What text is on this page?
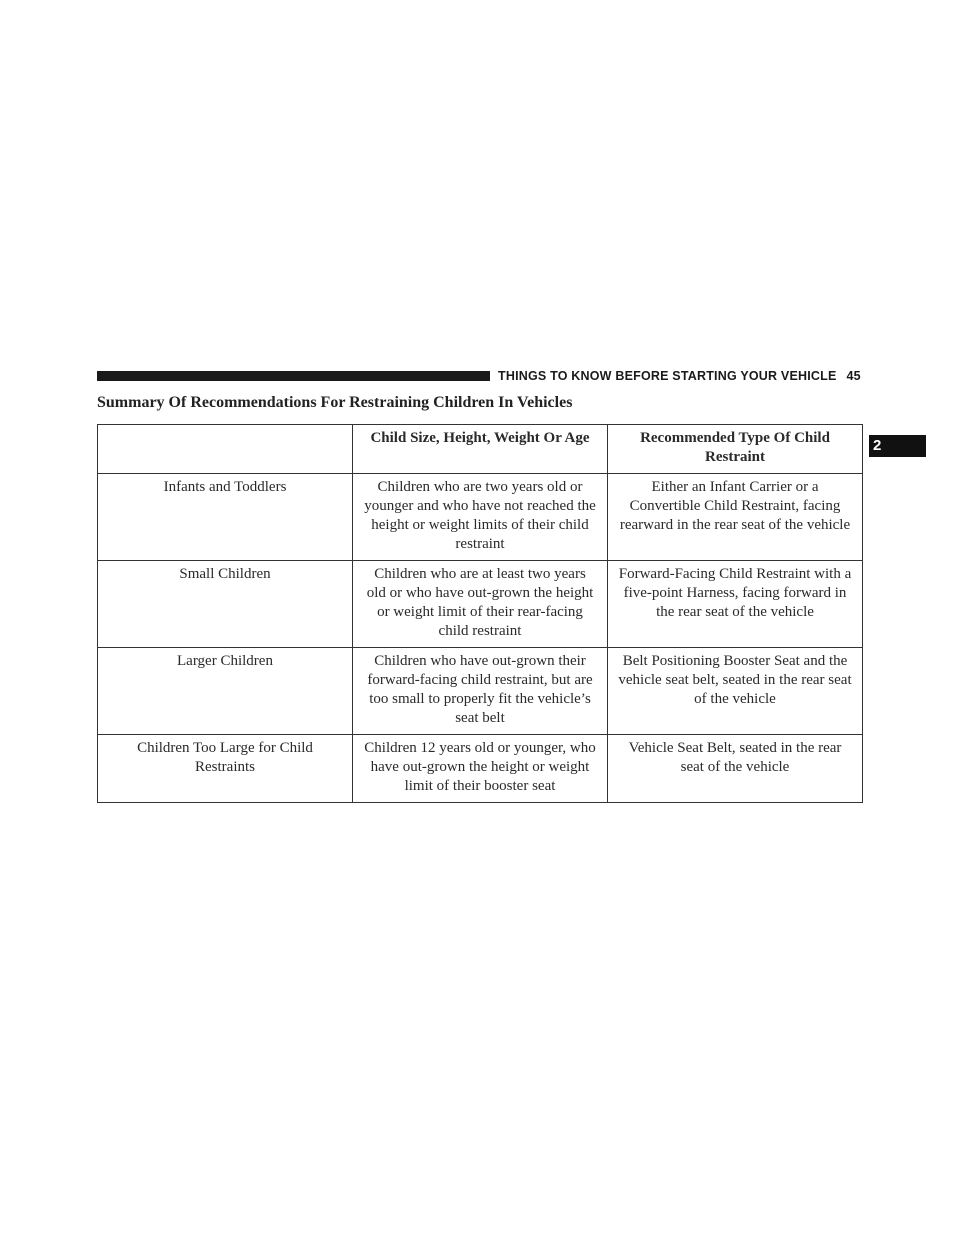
THINGS TO KNOW BEFORE STARTING YOUR VEHICLE 45
2
Summary Of Recommendations For Restraining Children In Vehicles
	Child Size, Height, Weight Or Age	Recommended Type Of Child Restraint
Infants and Toddlers	Children who are two years old or younger and who have not reached the height or weight limits of their child restraint	Either an Infant Carrier or a Convertible Child Restraint, facing rearward in the rear seat of the vehicle
Small Children	Children who are at least two years old or who have out-grown the height or weight limit of their rear-facing child restraint	Forward-Facing Child Restraint with a five-point Harness, facing forward in the rear seat of the vehicle
Larger Children	Children who have out-grown their forward-facing child restraint, but are too small to properly fit the vehicle’s seat belt	Belt Positioning Booster Seat and the vehicle seat belt, seated in the rear seat of the vehicle
Children Too Large for Child Restraints	Children 12 years old or younger, who have out-grown the height or weight limit of their booster seat	Vehicle Seat Belt, seated in the rear seat of the vehicle
